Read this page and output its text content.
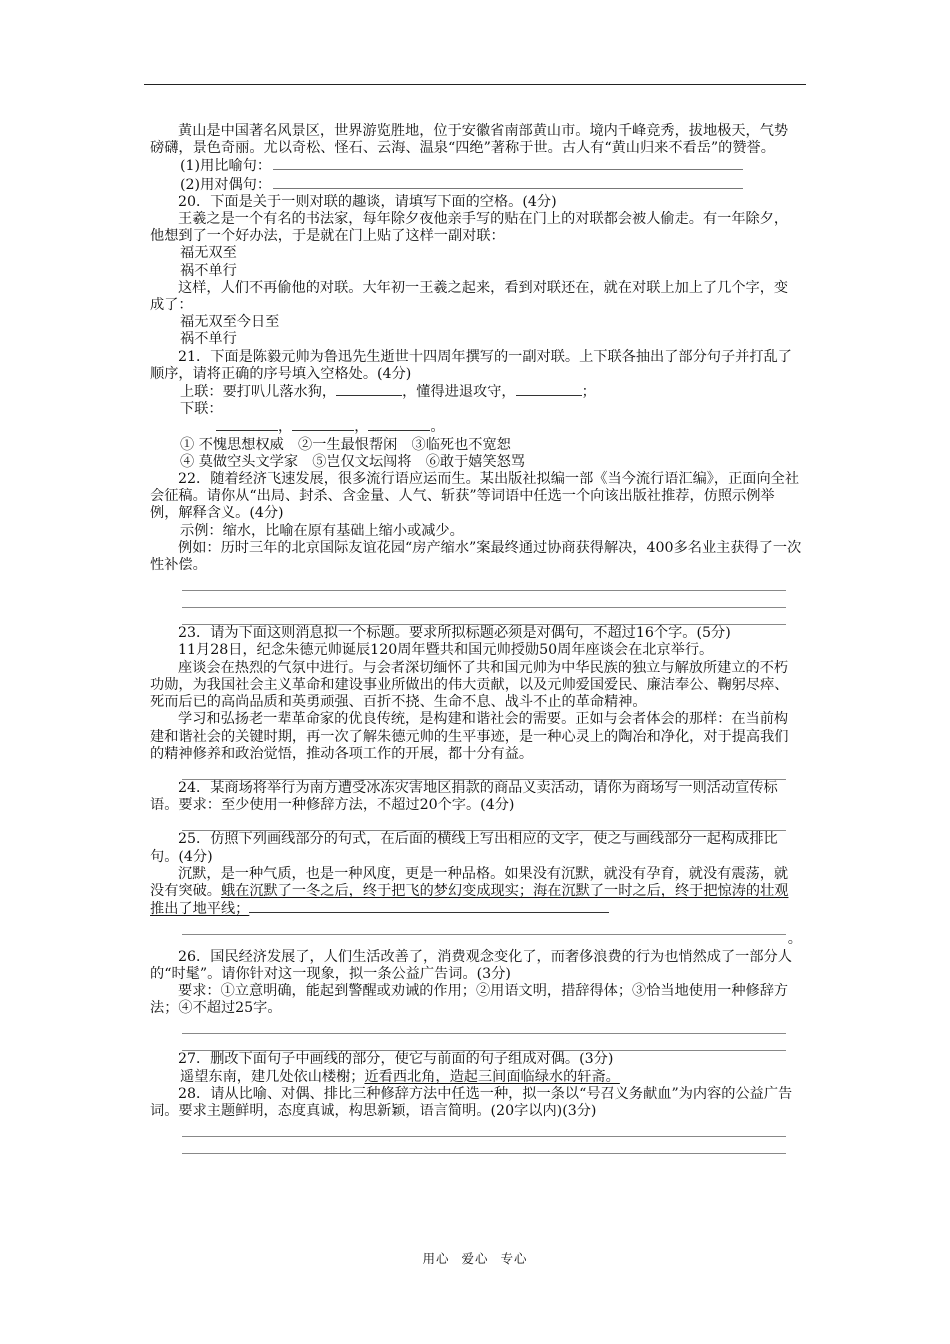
黄山是中国著名风景区，世界游览胜地，位于安徽省南部黄山市。境内千峰竞秀，拔地极天，气势磅礴，景色奇丽。尤以奇松、怪石、云海、温泉“四绝”著称于世。古人有“黄山归来不看岳”的赞誉。

(1)用比喻句：

(2)用对偶句：

20．下面是关于一则对联的趣谈，请填写下面的空格。(4分)

王羲之是一个有名的书法家，每年除夕夜他亲手写的贴在门上的对联都会被人偷走。有一年除夕，他想到了一个好办法，于是就在门上贴了这样一副对联：

福无双至

祸不单行

这样，人们不再偷他的对联。大年初一王羲之起来，看到对联还在，就在对联上加上了几个字，变成了：

福无双至今日至

祸不单行

21．下面是陈毅元帅为鲁迅先生逝世十四周年撰写的一副对联。上下联各抽出了部分句子并打乱了顺序，请将正确的序号填入空格处。(4分)

上联：要打叭儿落水狗，	，懂得进退攻守，	；

下联：
，	，	。

① 不愧思想权威　②一生最恨帮闲　③临死也不宽恕

④ 莫做空头文学家　⑤岂仅文坛闯将　⑥敢于嬉笑怒骂

22．随着经济飞速发展，很多流行语应运而生。某出版社拟编一部《当今流行语汇编》，正面向全社会征稿。请你从“出局、封杀、含金量、人气、斩获”等词语中任选一个向该出版社推荐，仿照示例举例，解释含义。(4分)

示例：缩水，比喻在原有基础上缩小或减少。

例如：历时三年的北京国际友谊花园“房产缩水”案最终通过协商获得解决，400多名业主获得了一次性补偿。

23．请为下面这则消息拟一个标题。要求所拟标题必须是对偶句，不超过16个字。(5分)

11月28日，纪念朱德元帅诞辰120周年暨共和国元帅授勋50周年座谈会在北京举行。

座谈会在热烈的气氛中进行。与会者深切缅怀了共和国元帅为中华民族的独立与解放所建立的不朽功勋，为我国社会主义革命和建设事业所做出的伟大贡献，以及元帅爱国爱民、廉洁奉公、鞠躬尽瘁、死而后已的高尚品质和英勇顽强、百折不挠、生命不息、战斗不止的革命精神。

学习和弘扬老一辈革命家的优良传统，是构建和谐社会的需要。正如与会者体会的那样：在当前构建和谐社会的关键时期，再一次了解朱德元帅的生平事迹，是一种心灵上的陶冶和净化，对于提高我们的精神修养和政治觉悟，推动各项工作的开展，都十分有益。

24．某商场将举行为南方遭受冰冻灾害地区捐款的商品义卖活动，请你为商场写一则活动宣传标语。要求：至少使用一种修辞方法，不超过20个字。(4分)

25．仿照下列画线部分的句式，在后面的横线上写出相应的文字，使之与画线部分一起构成排比句。(4分)

沉默，是一种气质，也是一种风度，更是一种品格。如果没有沉默，就没有孕育，就没有震荡，就没有突破。蛾在沉默了一冬之后，终于把飞的梦幻变成现实；海在沉默了一时之后，终于把惊涛的壮观推出了地平线；

。

26．国民经济发展了，人们生活改善了，消费观念变化了，而奢侈浪费的行为也悄然成了一部分人的“时髦”。请你针对这一现象，拟一条公益广告词。(3分)

要求：①立意明确，能起到警醒或劝诫的作用；②用语文明，措辞得体；③恰当地使用一种修辞方法；④不超过25字。

27．删改下面句子中画线的部分，使它与前面的句子组成对偶。(3分)

遥望东南，建几处依山楼榭；近看西北角，造起三间面临绿水的轩斋。

28．请从比喻、对偶、排比三种修辞方法中任选一种，拟一条以“号召义务献血”为内容的公益广告词。要求主题鲜明，态度真诚，构思新颖，语言简明。(20字以内)(3分)

用心 爱心 专心
